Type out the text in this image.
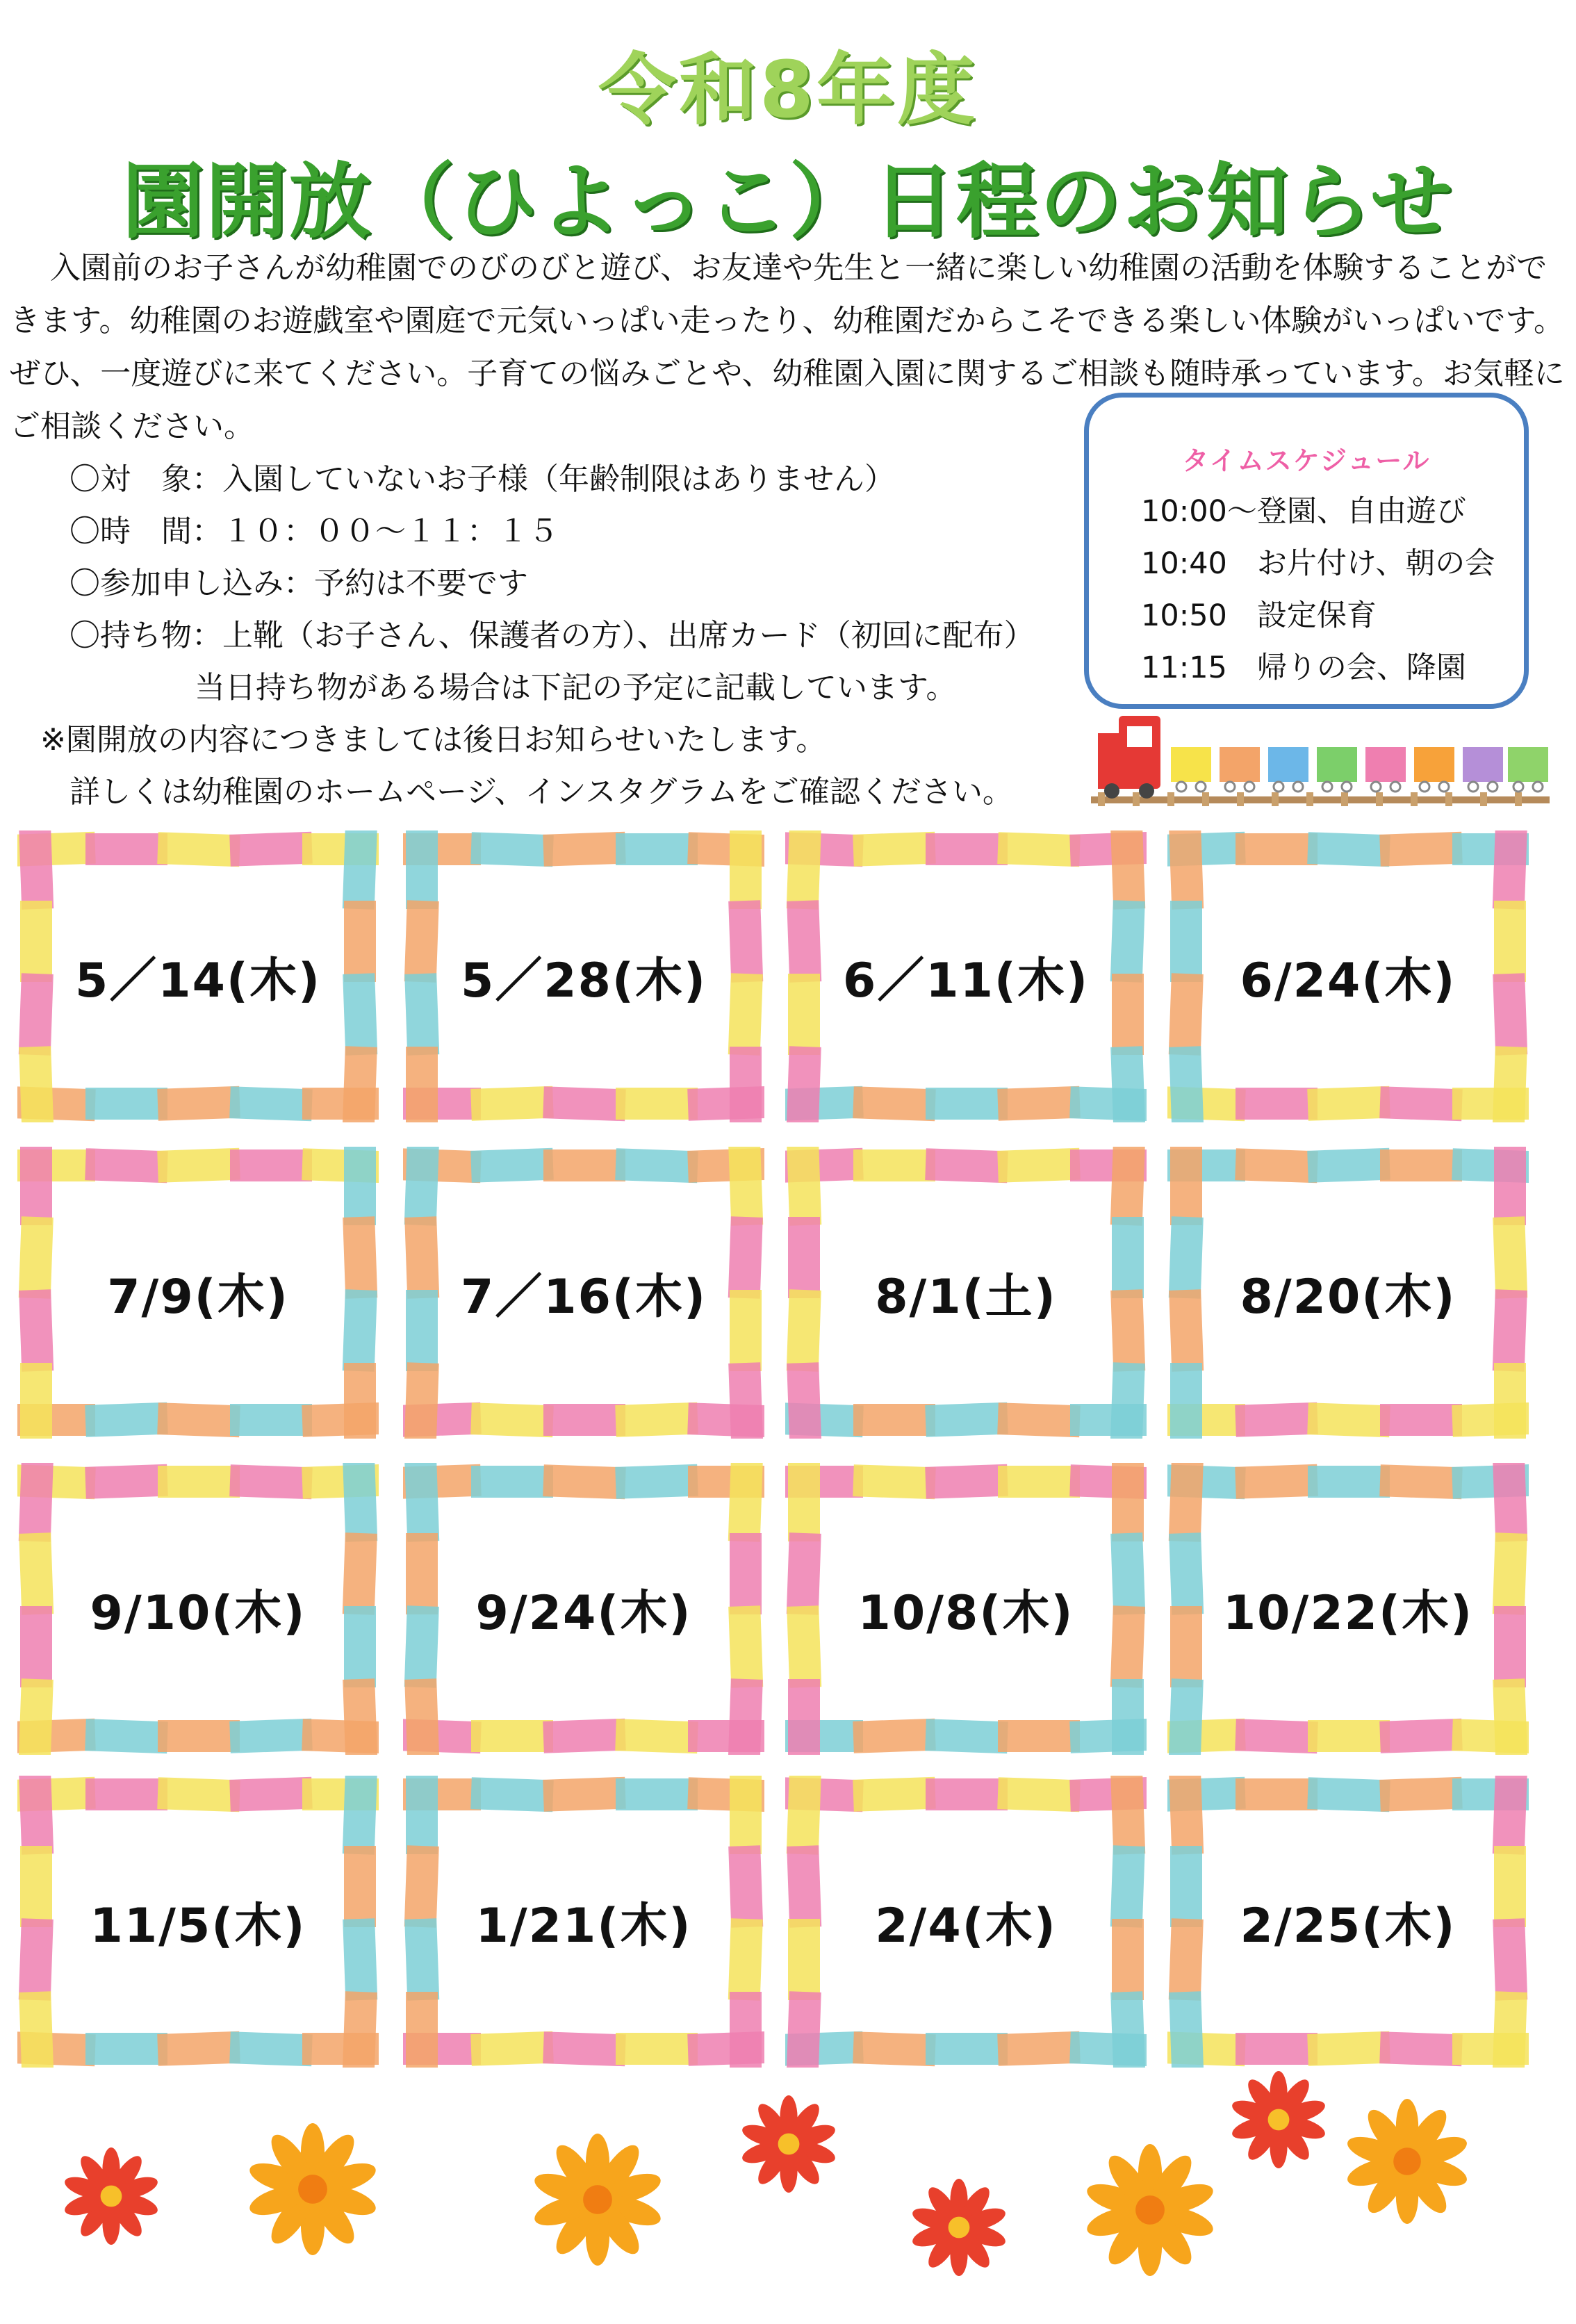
令和8年度
園開放（ひよっこ）日程のお知らせ
入園前のお子さんが幼稚園でのびのびと遊び、お友達や先生と一緒に楽しい幼稚園の活動を体験することができます。幼稚園のお遊戯室や園庭で元気いっぱい走ったり、幼稚園だからこそできる楽しい体験がいっぱいです。ぜひ、一度遊びに来てください。子育ての悩みごとや、幼稚園入園に関するご相談も随時承っています。お気軽にご相談ください。
〇対　象：入園していないお子様（年齢制限はありません）
〇時　間：１０：００～１１：１５
〇参加申し込み：予約は不要です
〇持ち物：上靴（お子さん、保護者の方）、出席カード（初回に配布）
当日持ち物がある場合は下記の予定に記載しています。
※園開放の内容につきましては後日お知らせいたします。
詳しくは幼稚園のホームページ、インスタグラムをご確認ください。
タイムスケジュール
10:00～登園、自由遊び
10:40　お片付け、朝の会
10:50　設定保育
11:15　帰りの会、降園
5／14(木)	5／28(木)	6／11(木)	6/24(木)
7/9(木)	7／16(木)	8/1(土)	8/20(木)
9/10(木)	9/24(木)	10/8(木)	10/22(木)
11/5(木)	1/21(木)	2/4(木)	2/25(木)
